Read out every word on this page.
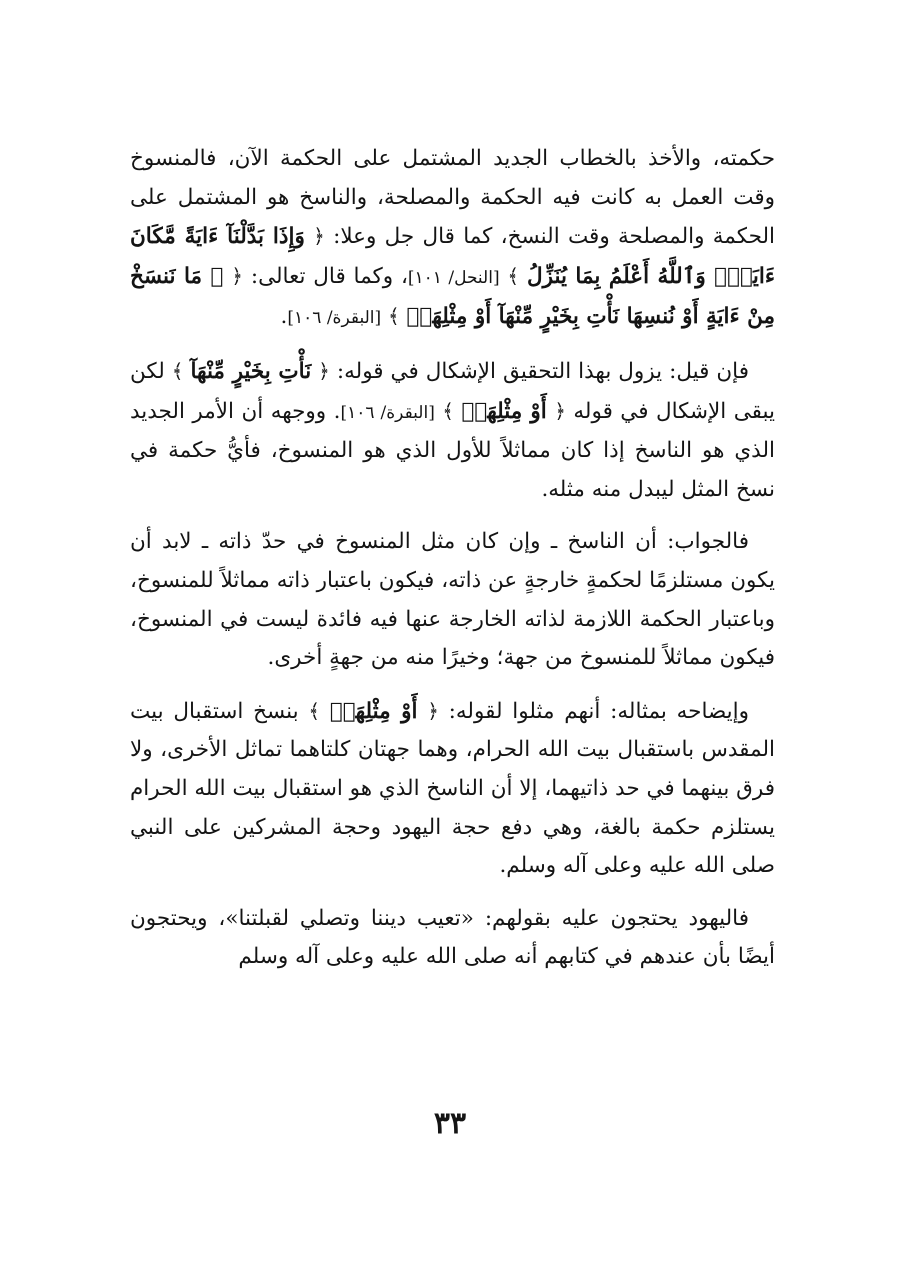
حكمته، والأخذ بالخطاب الجديد المشتمل على الحكمة الآن، فالمنسوخ وقت العمل به كانت فيه الحكمة والمصلحة، والناسخ هو المشتمل على الحكمة والمصلحة وقت النسخ، كما قال جل وعلا: ﴿ وَإِذَا بَدَّلْنَآ ءَايَةً مَّكَانَ ءَايَةٍۙ وَٱللَّهُ أَعْلَمُ بِمَا يُنَزِّلُ ﴾ [النحل/ ١٠١]، وكما قال تعالى: ﴿ ۞ مَا نَنسَخْ مِنْ ءَايَةٍ أَوْ نُنسِهَا نَأْتِ بِخَيْرٍ مِّنْهَآ أَوْ مِثْلِهَآۗ ﴾ [البقرة/ ١٠٦].

فإن قيل: يزول بهذا التحقيق الإشكال في قوله: ﴿ نَأْتِ بِخَيْرٍ مِّنْهَآ ﴾ لكن يبقى الإشكال في قوله ﴿ أَوْ مِثْلِهَآۗ ﴾ [البقرة/ ١٠٦]. ووجهه أن الأمر الجديد الذي هو الناسخ إذا كان مماثلاً للأول الذي هو المنسوخ، فأيُّ حكمة في نسخ المثل ليبدل منه مثله.

فالجواب: أن الناسخ ـ وإن كان مثل المنسوخ في حدّ ذاته ـ لابد أن يكون مستلزمًا لحكمةٍ خارجةٍ عن ذاته، فيكون باعتبار ذاته مماثلاً للمنسوخ، وباعتبار الحكمة اللازمة لذاته الخارجة عنها فيه فائدة ليست في المنسوخ، فيكون مماثلاً للمنسوخ من جهة؛ وخيرًا منه من جهةٍ أخرى.

وإيضاحه بمثاله: أنهم مثلوا لقوله: ﴿ أَوْ مِثْلِهَآۗ ﴾ بنسخ استقبال بيت المقدس باستقبال بيت الله الحرام، وهما جهتان كلتاهما تماثل الأخرى، ولا فرق بينهما في حد ذاتيهما، إلا أن الناسخ الذي هو استقبال بيت الله الحرام يستلزم حكمة بالغة، وهي دفع حجة اليهود وحجة المشركين على النبي صلى الله عليه وعلى آله وسلم.

فاليهود يحتجون عليه بقولهم: «تعيب ديننا وتصلي لقبلتنا»، ويحتجون أيضًا بأن عندهم في كتابهم أنه صلى الله عليه وعلى آله وسلم

٣٣
